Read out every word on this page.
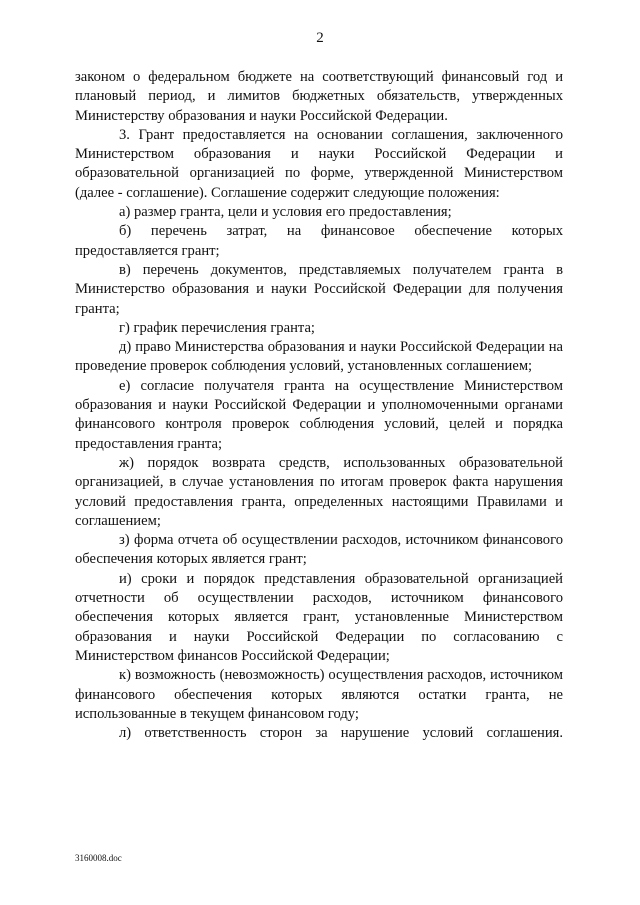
2

законом о федеральном бюджете на соответствующий финансовый год и плановый период, и лимитов бюджетных обязательств, утвержденных Министерству образования и науки Российской Федерации.

3. Грант предоставляется на основании соглашения, заключенного Министерством образования и науки Российской Федерации и образовательной организацией по форме, утвержденной Министерством (далее - соглашение). Соглашение содержит следующие положения:

а) размер гранта, цели и условия его предоставления;

б) перечень затрат, на финансовое обеспечение которых предоставляется грант;

в) перечень документов, представляемых получателем гранта в Министерство образования и науки Российской Федерации для получения гранта;

г) график перечисления гранта;

д) право Министерства образования и науки Российской Федерации на проведение проверок соблюдения условий, установленных соглашением;

е) согласие получателя гранта на осуществление Министерством образования и науки Российской Федерации и уполномоченными органами финансового контроля проверок соблюдения условий, целей и порядка предоставления гранта;

ж) порядок возврата средств, использованных образовательной организацией, в случае установления по итогам проверок факта нарушения условий предоставления гранта, определенных настоящими Правилами и соглашением;

з) форма отчета об осуществлении расходов, источником финансового обеспечения которых является грант;

и) сроки и порядок представления образовательной организацией отчетности об осуществлении расходов, источником финансового обеспечения которых является грант, установленные Министерством образования и науки Российской Федерации по согласованию с Министерством финансов Российской Федерации;

к) возможность (невозможность) осуществления расходов, источником финансового обеспечения которых являются остатки гранта, не использованные в текущем финансовом году;

л) ответственность сторон за нарушение условий соглашения.

3160008.doc
